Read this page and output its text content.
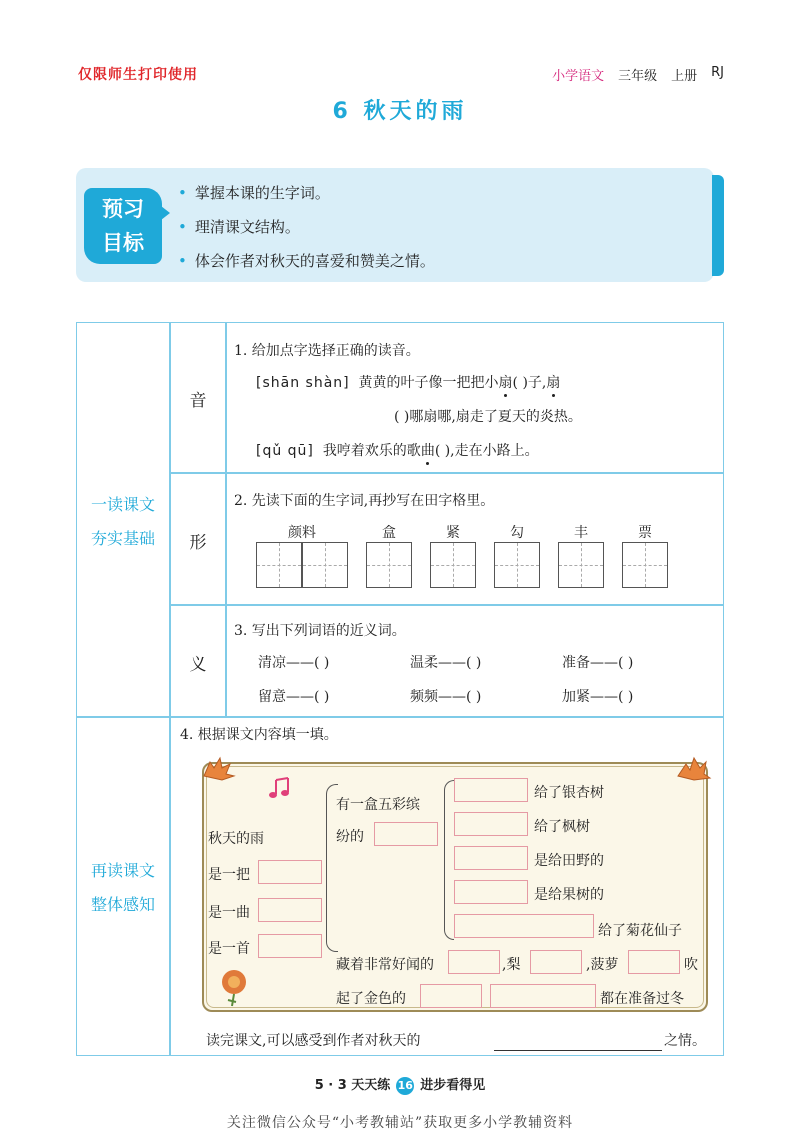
仅限师生打印使用	小学语文 三年级 上册 RJ
6 秋天的雨
预习
目标
• 掌握本课的生字词。
• 理清课文结构。
• 体会作者对秋天的喜爱和赞美之情。
一读课文
夯实基础
再读课文
整体感知
音
1. 给加点字选择正确的读音。
[shān shàn] 黄黄的叶子像一把把小扇( )子,扇
( )哪扇哪,扇走了夏天的炎热。
[qǔ qū] 我哼着欢乐的歌曲( ),走在小路上。
形
2. 先读下面的生字词,再抄写在田字格里。
颜料	盒	紧	勾	丰	票
义
3. 写出下列词语的近义词。
清凉——( )	温柔——( )	准备——( )
留意——( )	频频——( )	加紧——( )
4. 根据课文内容填一填。
秋天的雨
是一把
是一曲
是一首
有一盒五彩缤
纷的
给了银杏树
给了枫树
是给田野的
是给果树的
给了菊花仙子
藏着非常好闻的	,梨	,菠萝	吹
起了金色的	都在准备过冬
读完课文,可以感受到作者对秋天的	之情。
5 · 3 天天练 16 进步看得见
关注微信公众号“小考教辅站”获取更多小学教辅资料
